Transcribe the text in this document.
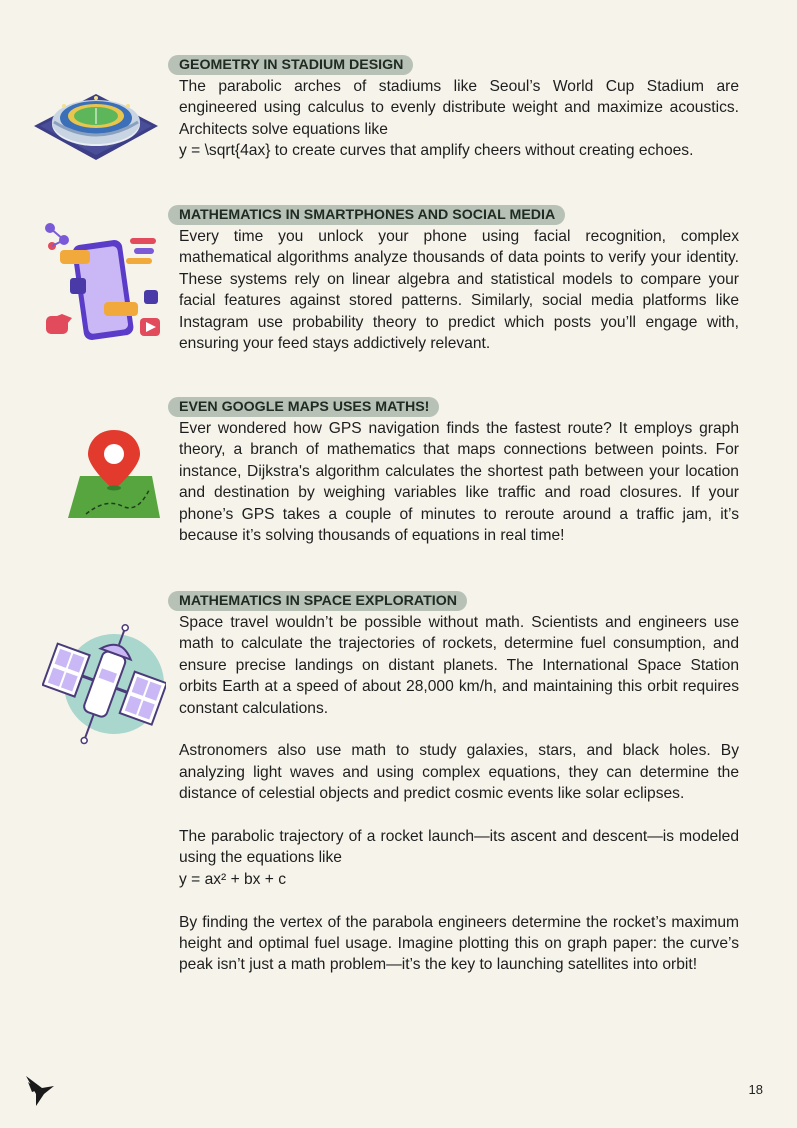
GEOMETRY IN STADIUM DESIGN

The parabolic arches of stadiums like Seoul’s World Cup Stadium are engineered using calculus to evenly distribute weight and maximize acoustics. Architects solve equations like
y = \sqrt{4ax} to create curves that amplify cheers without creating echoes.

MATHEMATICS IN SMARTPHONES AND SOCIAL MEDIA

Every time you unlock your phone using facial recognition, complex mathematical algorithms analyze thousands of data points to verify your identity. These systems rely on linear algebra and statistical models to compare your facial features against stored patterns. Similarly, social media platforms like Instagram use probability theory to predict which posts you’ll engage with, ensuring your feed stays addictively relevant.

EVEN GOOGLE MAPS USES MATHS!

Ever wondered how GPS navigation finds the fastest route? It employs graph theory, a branch of mathematics that maps connections between points. For instance, Dijkstra's algorithm calculates the shortest path between your location and destination by weighing variables like traffic and road closures. If your phone’s GPS takes a couple of minutes to reroute around a traffic jam, it’s because it’s solving thousands of equations in real time!

MATHEMATICS IN SPACE EXPLORATION

Space travel wouldn’t be possible without math. Scientists and engineers use math to calculate the trajectories of rockets, determine fuel consumption, and ensure precise landings on distant planets. The International Space Station orbits Earth at a speed of about 28,000 km/h, and maintaining this orbit requires constant calculations.

Astronomers also use math to study galaxies, stars, and black holes. By analyzing light waves and using complex equations, they can determine the distance of celestial objects and predict cosmic events like solar eclipses.

The parabolic trajectory of a rocket launch—its ascent and descent—is modeled using the equations like
y = ax² + bx + c

By finding the vertex of the parabola engineers determine the rocket’s maximum height and optimal fuel usage. Imagine plotting this on graph paper: the curve’s peak isn’t just a math problem—it’s the key to launching satellites into orbit!

18
